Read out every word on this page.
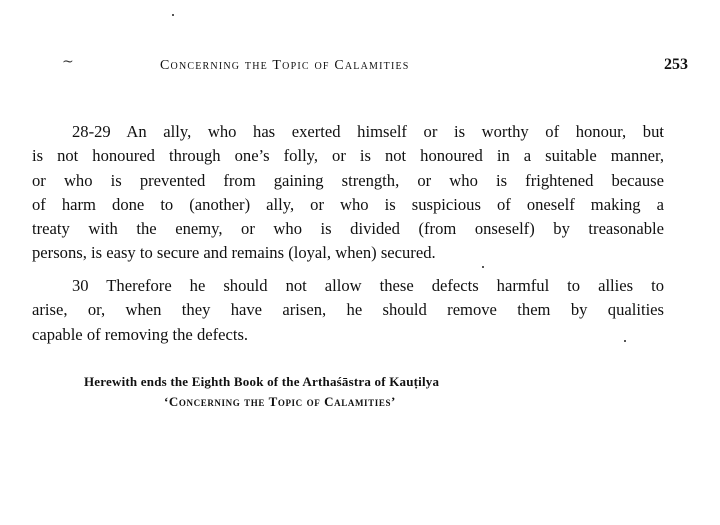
~	Concerning the Topic of Calamities	253

28-29 An ally, who has exerted himself or is worthy of honour, but
is not honoured through one’s folly, or is not honoured in a suitable manner,
or who is prevented from gaining strength, or who is frightened because
of harm done to (another) ally, or who is suspicious of oneself making a
treaty with the enemy, or who is divided (from onseself) by treasonable
persons, is easy to secure and remains (loyal, when) secured.

30 Therefore he should not allow these defects harmful to allies to
arise, or, when they have arisen, he should remove them by qualities
capable of removing the defects.

Herewith ends the Eighth Book of the Arthaśāstra of Kauṭilya
‘Concerning the Topic of Calamities’
